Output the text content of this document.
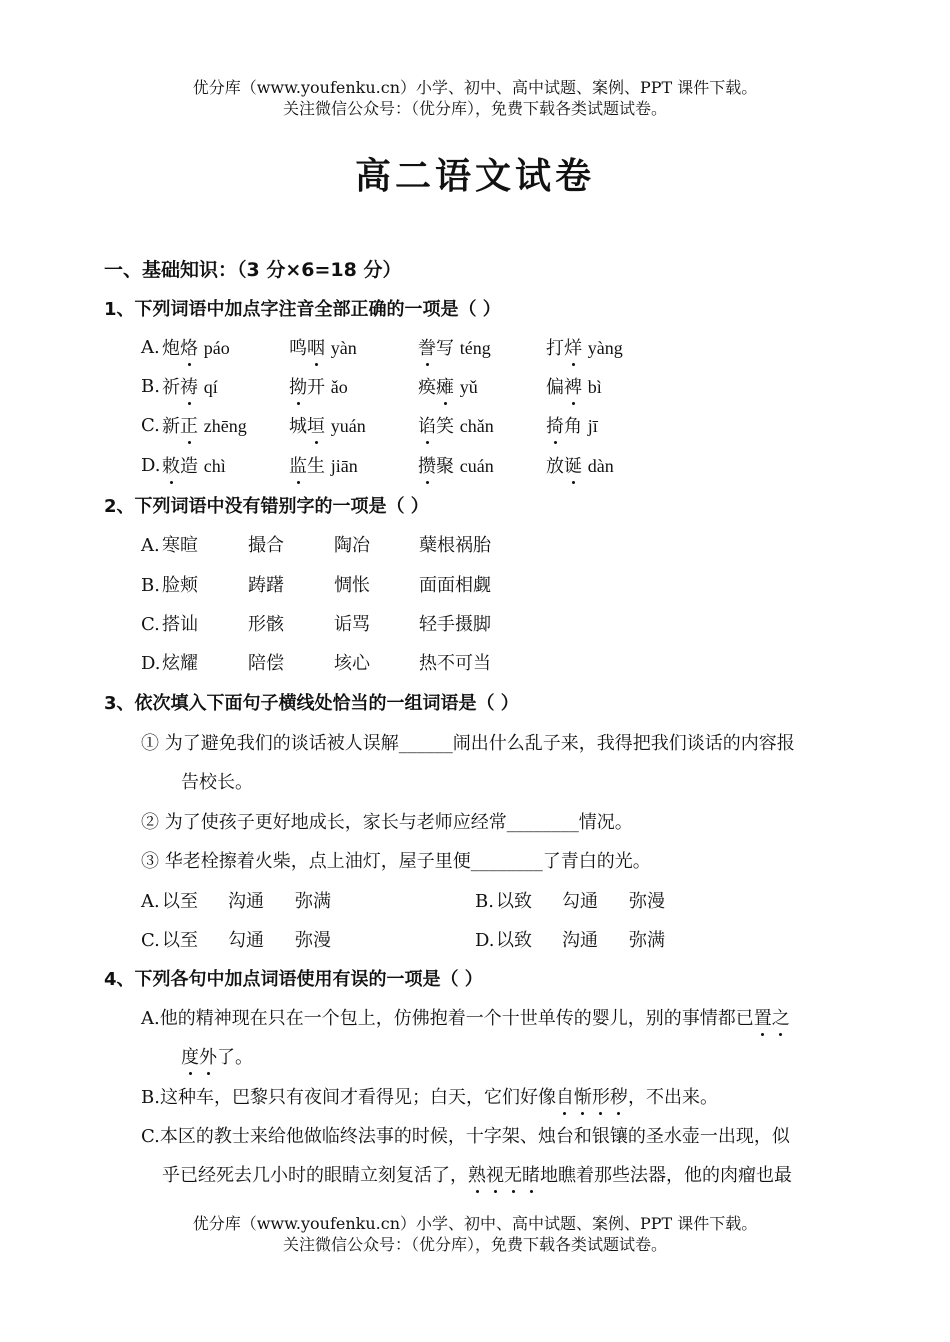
优分库（www.youfenku.cn）小学、初中、高中试题、案例、PPT 课件下载。
关注微信公众号：（优分库），免费下载各类试题试卷。
高二语文试卷
一、基础知识：（3 分×6=18 分）
1、下列词语中加点字注音全部正确的一项是（ ）
A. 炮烙 páo	鸣咽 yàn	誊写 téng	打烊 yàng
B. 祈祷 qí	拗开 ǎo	痪瘫 yǔ	偏裨 bì
C. 新正 zhēng 城垣 yuán	谄笑 chǎn	掎角 jī
D. 敕造 chì	监生 jiān	攒聚 cuán	放诞 dàn
2、下列词语中没有错别字的一项是（ ）
A. 寒暄	撮合	陶冶	蘖根祸胎
B. 脸颊	踌躇	惆怅	面面相觑
C. 搭讪	形骸	诟骂	轻手摄脚
D. 炫耀	陪偿	垓心	热不可当
3、依次填入下面句子横线处恰当的一组词语是（ ）
① 为了避免我们的谈话被人误解______闹出什么乱子来，我得把我们谈话的内容报
告校长。
② 为了使孩子更好地成长，家长与老师应经常________情况。
③ 华老栓擦着火柴，点上油灯，屋子里便________了青白的光。
A. 以至 沟通 弥满	B. 以致 勾通 弥漫
C. 以至 勾通 弥漫	D. 以致 沟通 弥满
4、下列各句中加点词语使用有误的一项是（ ）
A.他的精神现在只在一个包上，仿佛抱着一个十世单传的婴儿，别的事情都已置之
度外了。
B.这种车，巴黎只有夜间才看得见；白天，它们好像自惭形秽，不出来。
C.本区的教士来给他做临终法事的时候，十字架、烛台和银镶的圣水壶一出现，似
乎已经死去几小时的眼睛立刻复活了，熟视无睹地瞧着那些法器，他的肉瘤也最
优分库（www.youfenku.cn）小学、初中、高中试题、案例、PPT 课件下载。
关注微信公众号：（优分库），免费下载各类试题试卷。
